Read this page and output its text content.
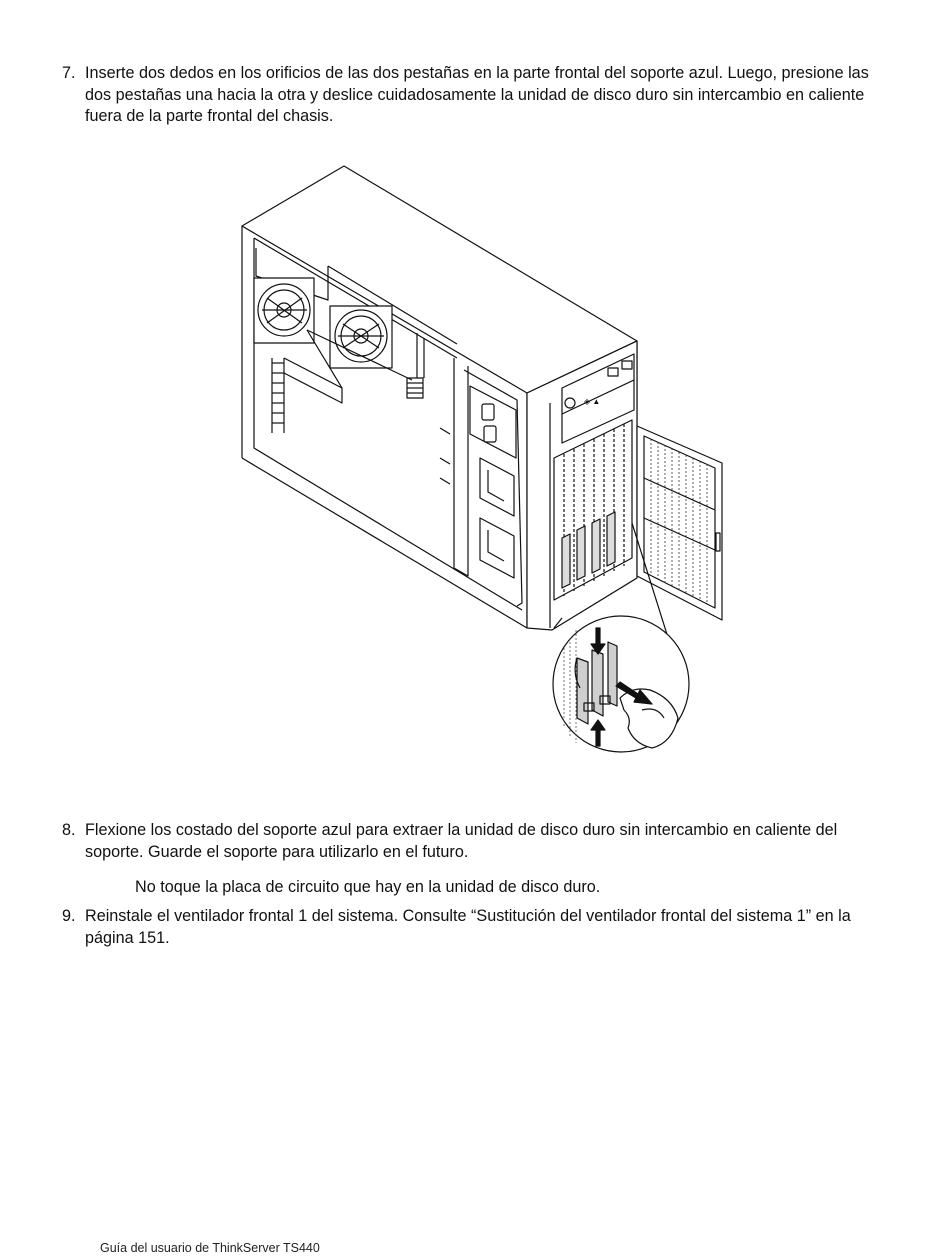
7. Inserte dos dedos en los orificios de las dos pestañas en la parte frontal del soporte azul. Luego, presione las dos pestañas una hacia la otra y deslice cuidadosamente la unidad de disco duro sin intercambio en caliente fuera de la parte frontal del chasis.
◈ ▲
8. Flexione los costado del soporte azul para extraer la unidad de disco duro sin intercambio en caliente del soporte. Guarde el soporte para utilizarlo en el futuro.
No toque la placa de circuito que hay en la unidad de disco duro.
9. Reinstale el ventilador frontal 1 del sistema. Consulte “Sustitución del ventilador frontal del sistema 1” en la página 151.
Guía del usuario de ThinkServer TS440
